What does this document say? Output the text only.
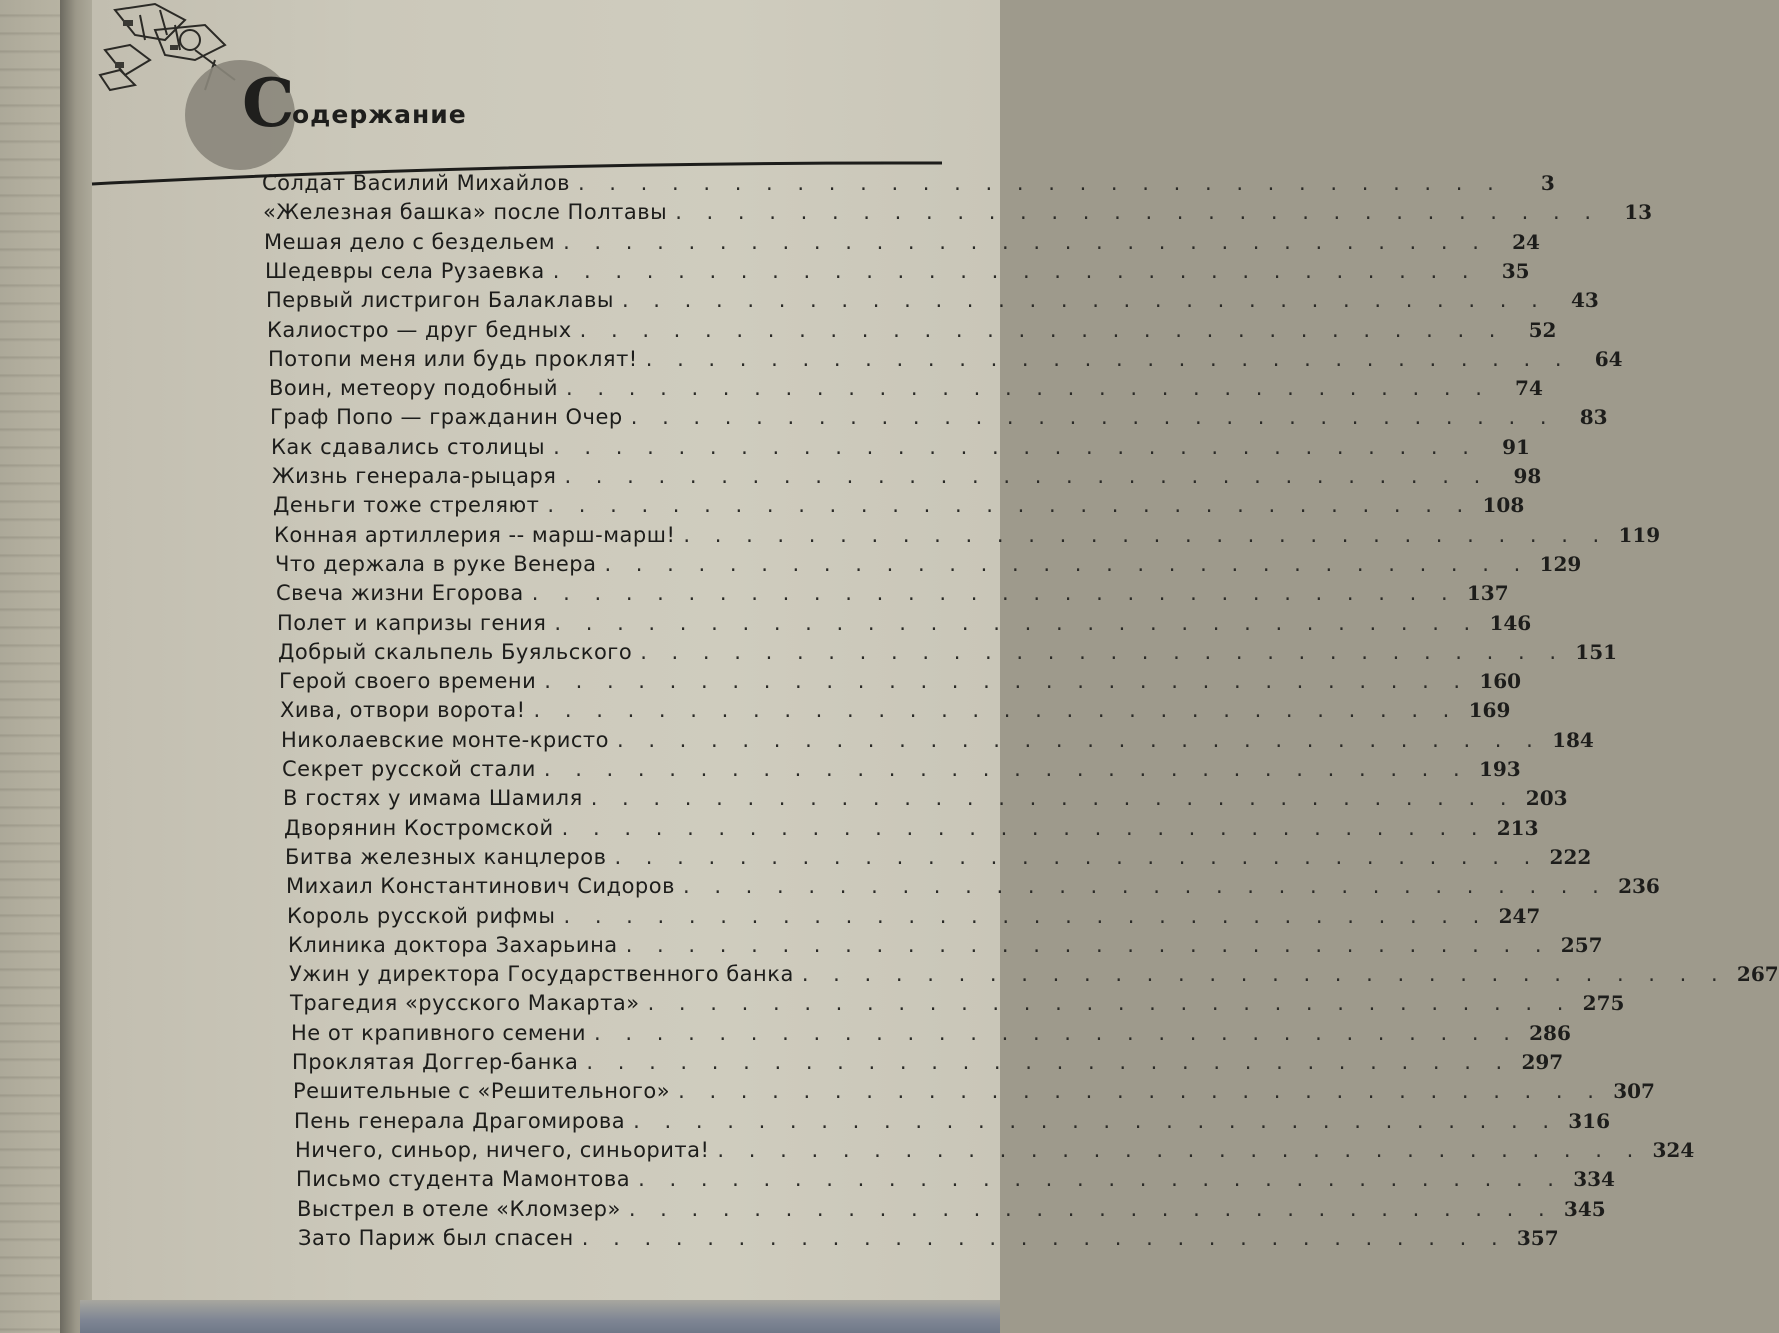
С
одержание
Солдат Василий Михайлов . . . . . . . . . . . . . . . . . . . . . . . . . . . . . .	3
«Железная башка» после Полтавы . . . . . . . . . . . . . . . . . . . . . . . . . . . . . .	13
Мешая дело с бездельем . . . . . . . . . . . . . . . . . . . . . . . . . . . . . .	24
Шедевры села Рузаевка . . . . . . . . . . . . . . . . . . . . . . . . . . . . . .	35
Первый листригон Балаклавы . . . . . . . . . . . . . . . . . . . . . . . . . . . . . .	43
Калиостро — друг бедных . . . . . . . . . . . . . . . . . . . . . . . . . . . . . .	52
Потопи меня или будь проклят! . . . . . . . . . . . . . . . . . . . . . . . . . . . . . .	64
Воин, метеору подобный . . . . . . . . . . . . . . . . . . . . . . . . . . . . . .	74
Граф Попо — гражданин Очер . . . . . . . . . . . . . . . . . . . . . . . . . . . . . .	83
Как сдавались столицы . . . . . . . . . . . . . . . . . . . . . . . . . . . . . .	91
Жизнь генерала-рыцаря . . . . . . . . . . . . . . . . . . . . . . . . . . . . . .	98
Деньги тоже стреляют . . . . . . . . . . . . . . . . . . . . . . . . . . . . . . 108
Конная артиллерия -- марш-марш! . . . . . . . . . . . . . . . . . . . . . . . . . . . . . . 119
Что держала в руке Венера . . . . . . . . . . . . . . . . . . . . . . . . . . . . . . 129
Свеча жизни Егорова . . . . . . . . . . . . . . . . . . . . . . . . . . . . . . 137
Полет и капризы гения . . . . . . . . . . . . . . . . . . . . . . . . . . . . . . 146
Добрый скальпель Буяльского . . . . . . . . . . . . . . . . . . . . . . . . . . . . . . 151
Герой своего времени . . . . . . . . . . . . . . . . . . . . . . . . . . . . . . 160
Хива, отвори ворота! . . . . . . . . . . . . . . . . . . . . . . . . . . . . . . 169
Николаевские монте-кристо . . . . . . . . . . . . . . . . . . . . . . . . . . . . . . 184
Секрет русской стали . . . . . . . . . . . . . . . . . . . . . . . . . . . . . . 193
В гостях у имама Шамиля . . . . . . . . . . . . . . . . . . . . . . . . . . . . . . 203
Дворянин Костромской . . . . . . . . . . . . . . . . . . . . . . . . . . . . . . 213
Битва железных канцлеров . . . . . . . . . . . . . . . . . . . . . . . . . . . . . . 222
Михаил Константинович Сидоров . . . . . . . . . . . . . . . . . . . . . . . . . . . . . . 236
Король русской рифмы . . . . . . . . . . . . . . . . . . . . . . . . . . . . . . 247
Клиника доктора Захарьина . . . . . . . . . . . . . . . . . . . . . . . . . . . . . . 257
Ужин у директора Государственного банка . . . . . . . . . . . . . . . . . . . . . . . . . . . . . . 267
Трагедия «русского Макарта» . . . . . . . . . . . . . . . . . . . . . . . . . . . . . . 275
Не от крапивного семени . . . . . . . . . . . . . . . . . . . . . . . . . . . . . . 286
Проклятая Доггер-банка . . . . . . . . . . . . . . . . . . . . . . . . . . . . . . 297
Решительные с «Решительного» . . . . . . . . . . . . . . . . . . . . . . . . . . . . . . 307
Пень генерала Драгомирова . . . . . . . . . . . . . . . . . . . . . . . . . . . . . . 316
Ничего, синьор, ничего, синьорита! . . . . . . . . . . . . . . . . . . . . . . . . . . . . . . 324
Письмо студента Мамонтова . . . . . . . . . . . . . . . . . . . . . . . . . . . . . . 334
Выстрел в отеле «Кломзер» . . . . . . . . . . . . . . . . . . . . . . . . . . . . . . 345
Зато Париж был спасен . . . . . . . . . . . . . . . . . . . . . . . . . . . . . . 357
